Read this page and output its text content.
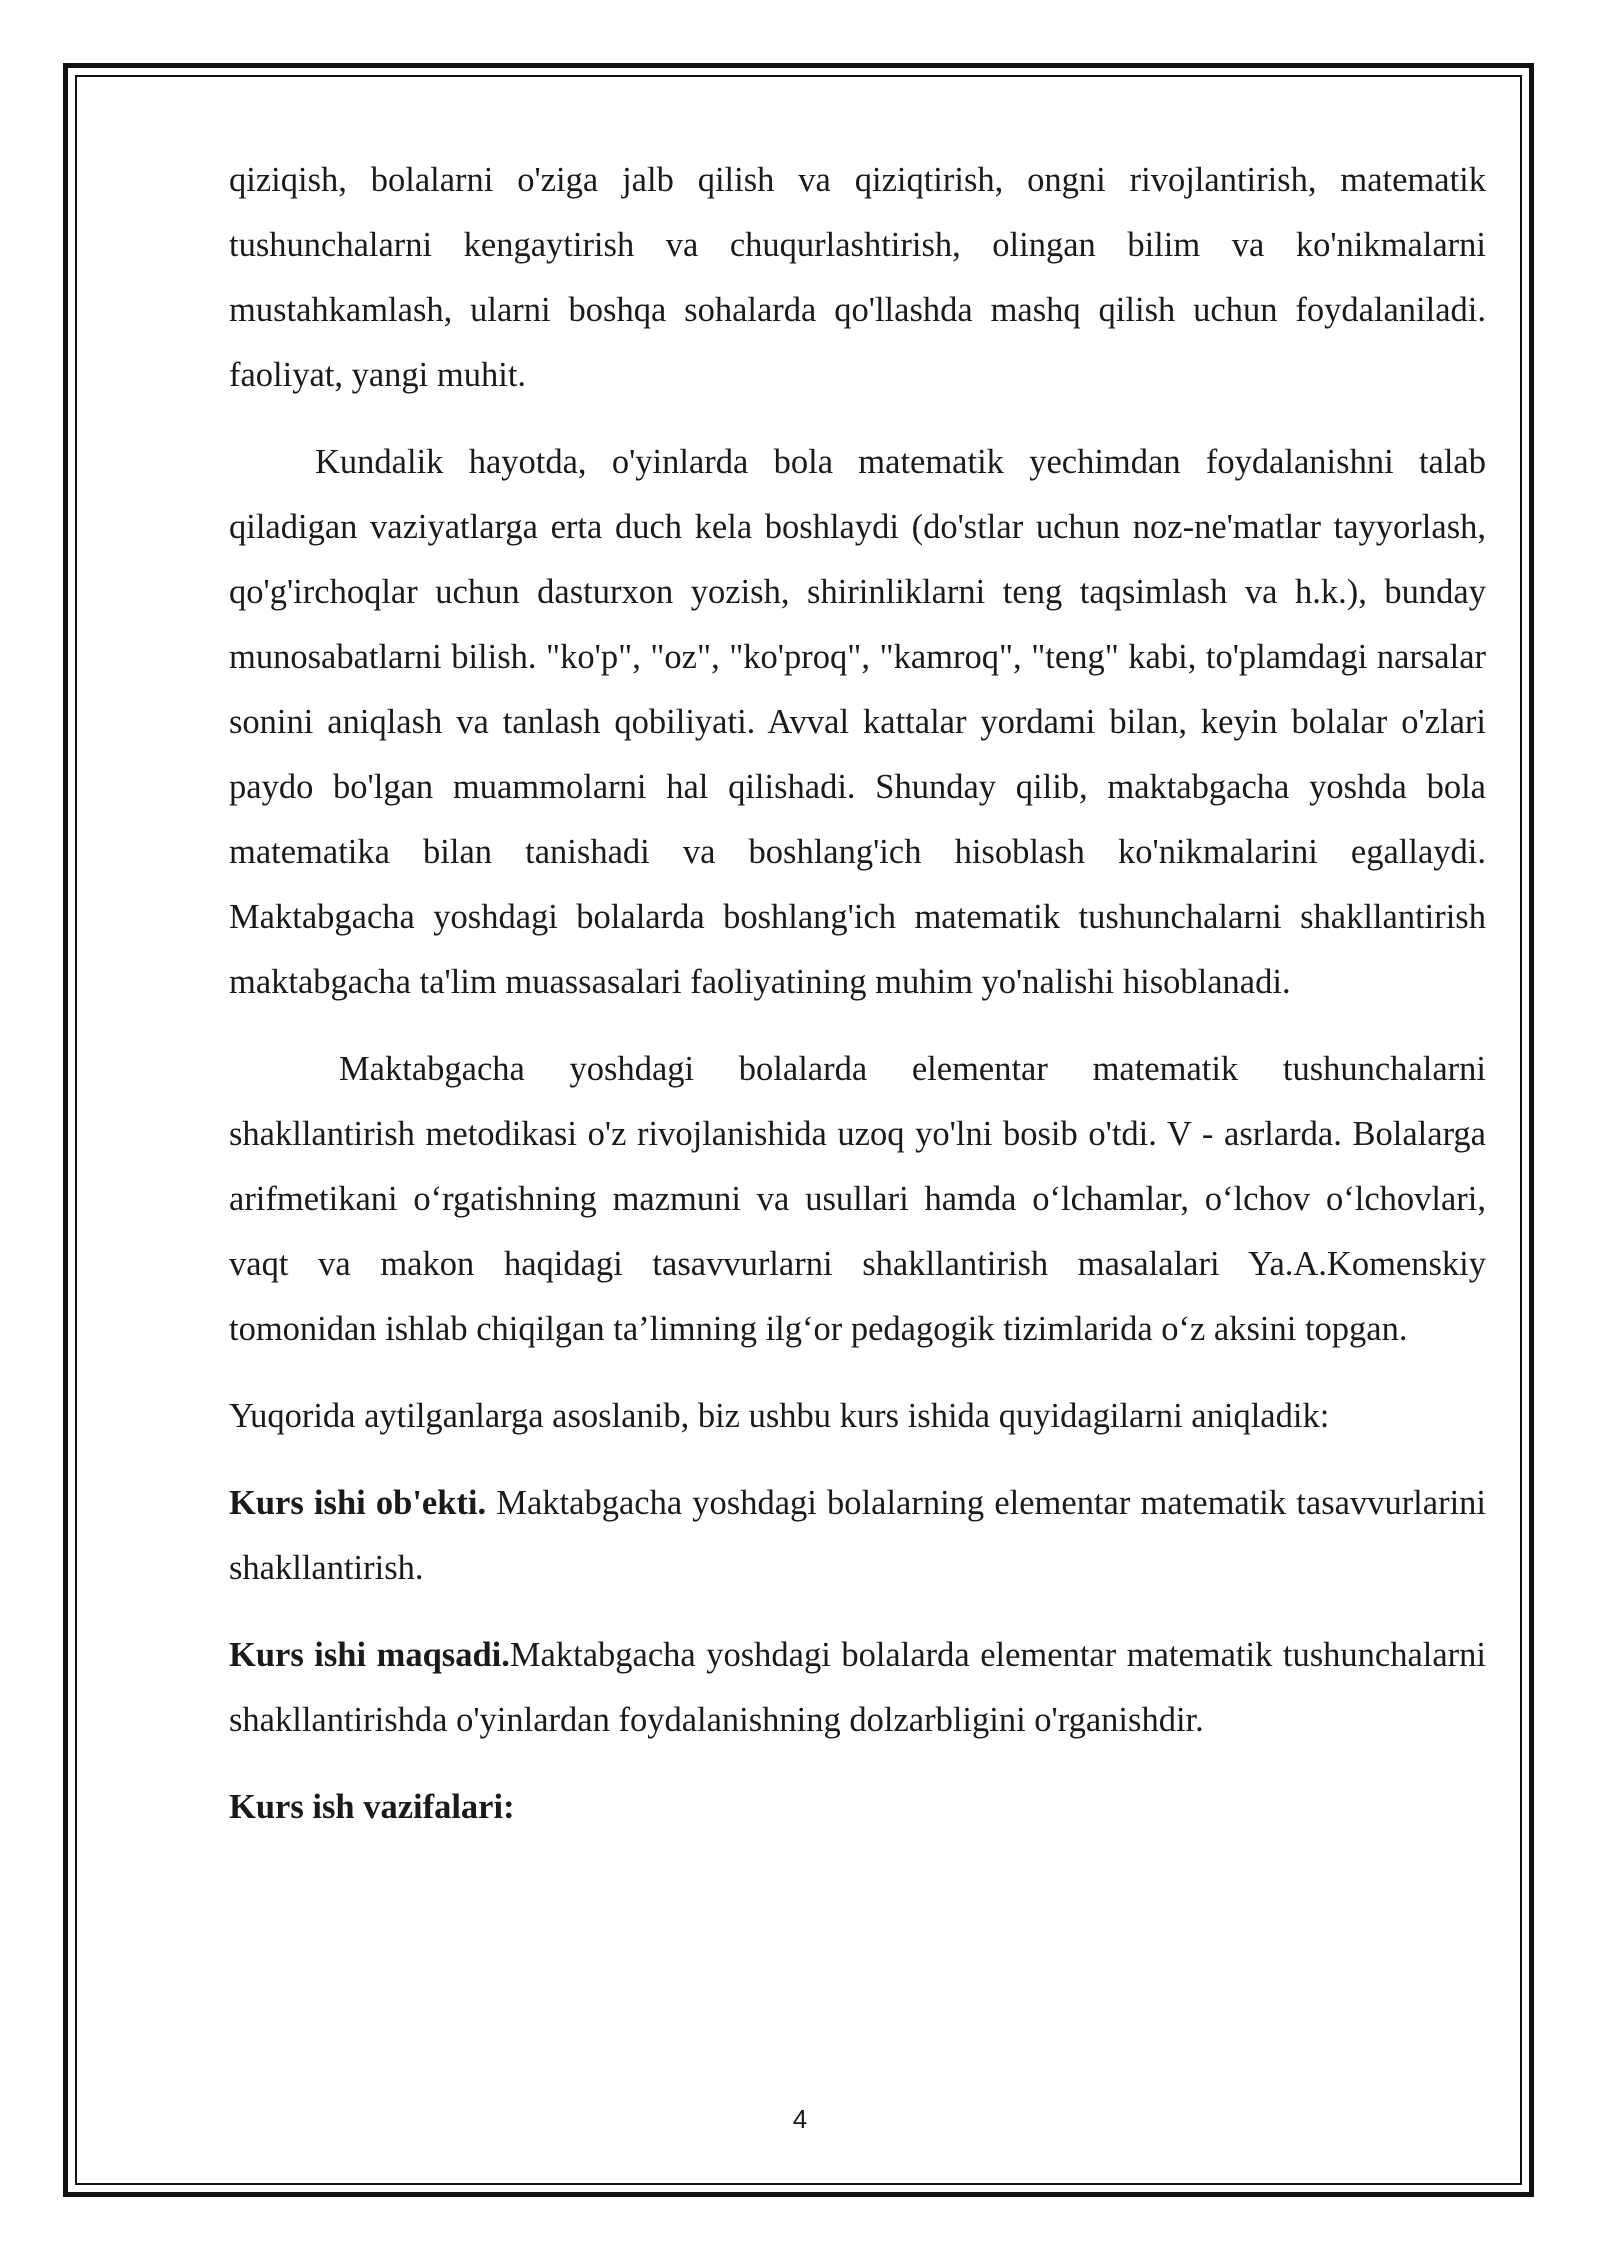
qiziqish, bolalarni o'ziga jalb qilish va qiziqtirish, ongni rivojlantirish, matematik tushunchalarni kengaytirish va chuqurlashtirish, olingan bilim va ko'nikmalarni mustahkamlash, ularni boshqa sohalarda qo'llashda mashq qilish uchun foydalaniladi. faoliyat, yangi muhit.

Kundalik hayotda, o'yinlarda bola matematik yechimdan foydalanishni talab qiladigan vaziyatlarga erta duch kela boshlaydi (do'stlar uchun noz-ne'matlar tayyorlash, qo'g'irchoqlar uchun dasturxon yozish, shirinliklarni teng taqsimlash va h.k.), bunday munosabatlarni bilish. "ko'p", "oz", "ko'proq", "kamroq", "teng" kabi, to'plamdagi narsalar sonini aniqlash va tanlash qobiliyati. Avval kattalar yordami bilan, keyin bolalar o'zlari paydo bo'lgan muammolarni hal qilishadi. Shunday qilib, maktabgacha yoshda bola matematika bilan tanishadi va boshlang'ich hisoblash ko'nikmalarini egallaydi. Maktabgacha yoshdagi bolalarda boshlang'ich matematik tushunchalarni shakllantirish maktabgacha ta'lim muassasalari faoliyatining muhim yo'nalishi hisoblanadi.

Maktabgacha yoshdagi bolalarda elementar matematik tushunchalarni shakllantirish metodikasi o'z rivojlanishida uzoq yo'lni bosib o'tdi. V - asrlarda. Bolalarga arifmetikani o‘rgatishning mazmuni va usullari hamda o‘lchamlar, o‘lchov o‘lchovlari, vaqt va makon haqidagi tasavvurlarni shakllantirish masalalari Ya.A.Komenskiy tomonidan ishlab chiqilgan ta’limning ilg‘or pedagogik tizimlarida o‘z aksini topgan.

Yuqorida aytilganlarga asoslanib, biz ushbu kurs ishida quyidagilarni aniqladik:

Kurs ishi ob'ekti. Maktabgacha yoshdagi bolalarning elementar matematik tasavvurlarini shakllantirish.

Kurs ishi maqsadi.Maktabgacha yoshdagi bolalarda elementar matematik tushunchalarni shakllantirishda o'yinlardan foydalanishning dolzarbligini o'rganishdir.

Kurs ish vazifalari:

4
